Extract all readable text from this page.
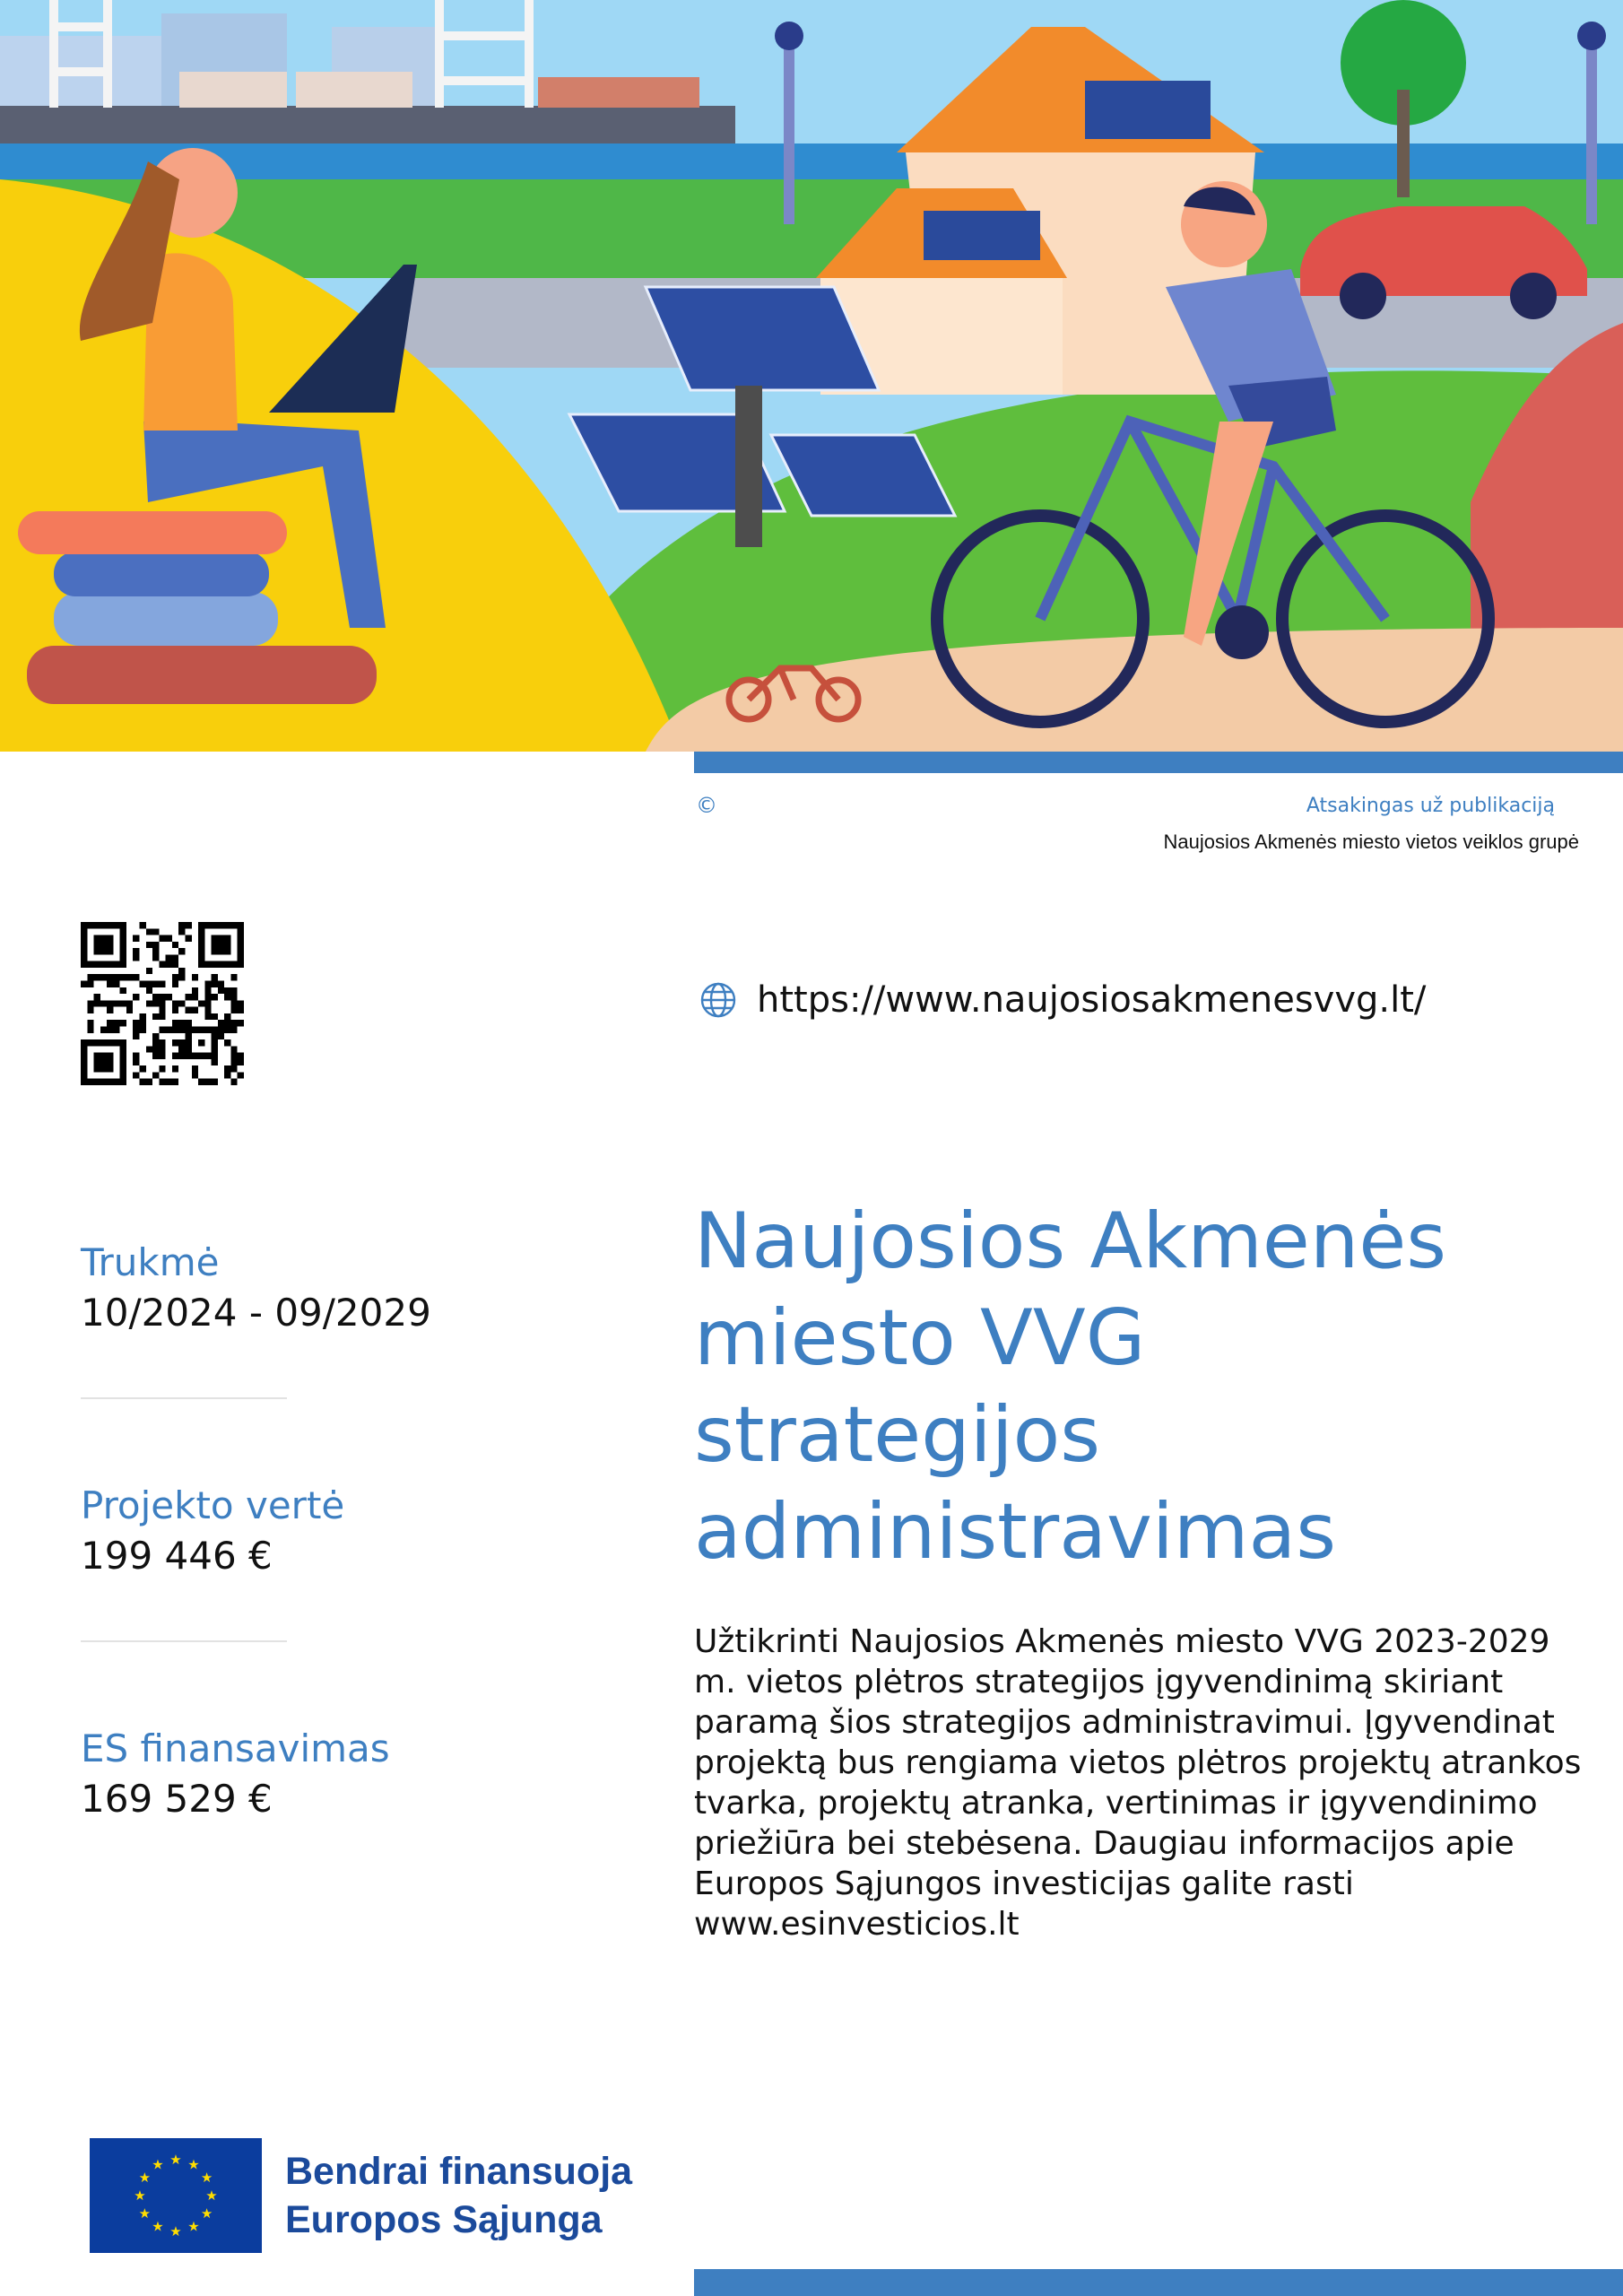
©	Atsakingas už publikaciją
Naujosios Akmenės miesto vietos veiklos grupė
https://www.naujosiosakmenesvvg.lt/
Trukmė
10/2024 - 09/2029
Projekto vertė
199 446 €
ES finansavimas
169 529 €
Naujosios Akmenės miesto VVG strategijos administravimas

Užtikrinti Naujosios Akmenės miesto VVG 2023-2029 m. vietos plėtros strategijos įgyvendinimą skiriant paramą šios strategijos administravimui. Įgyvendinat projektą bus rengiama vietos plėtros projektų atrankos tvarka, projektų atranka, vertinimas ir įgyvendinimo priežiūra bei stebėsena. Daugiau informacijos apie Europos Sąjungos investicijas galite rasti www.esinvesticios.lt

★ ★
★
★
★
★
★
★
★
★
★
★	Bendrai finansuoja
Europos Sąjunga
